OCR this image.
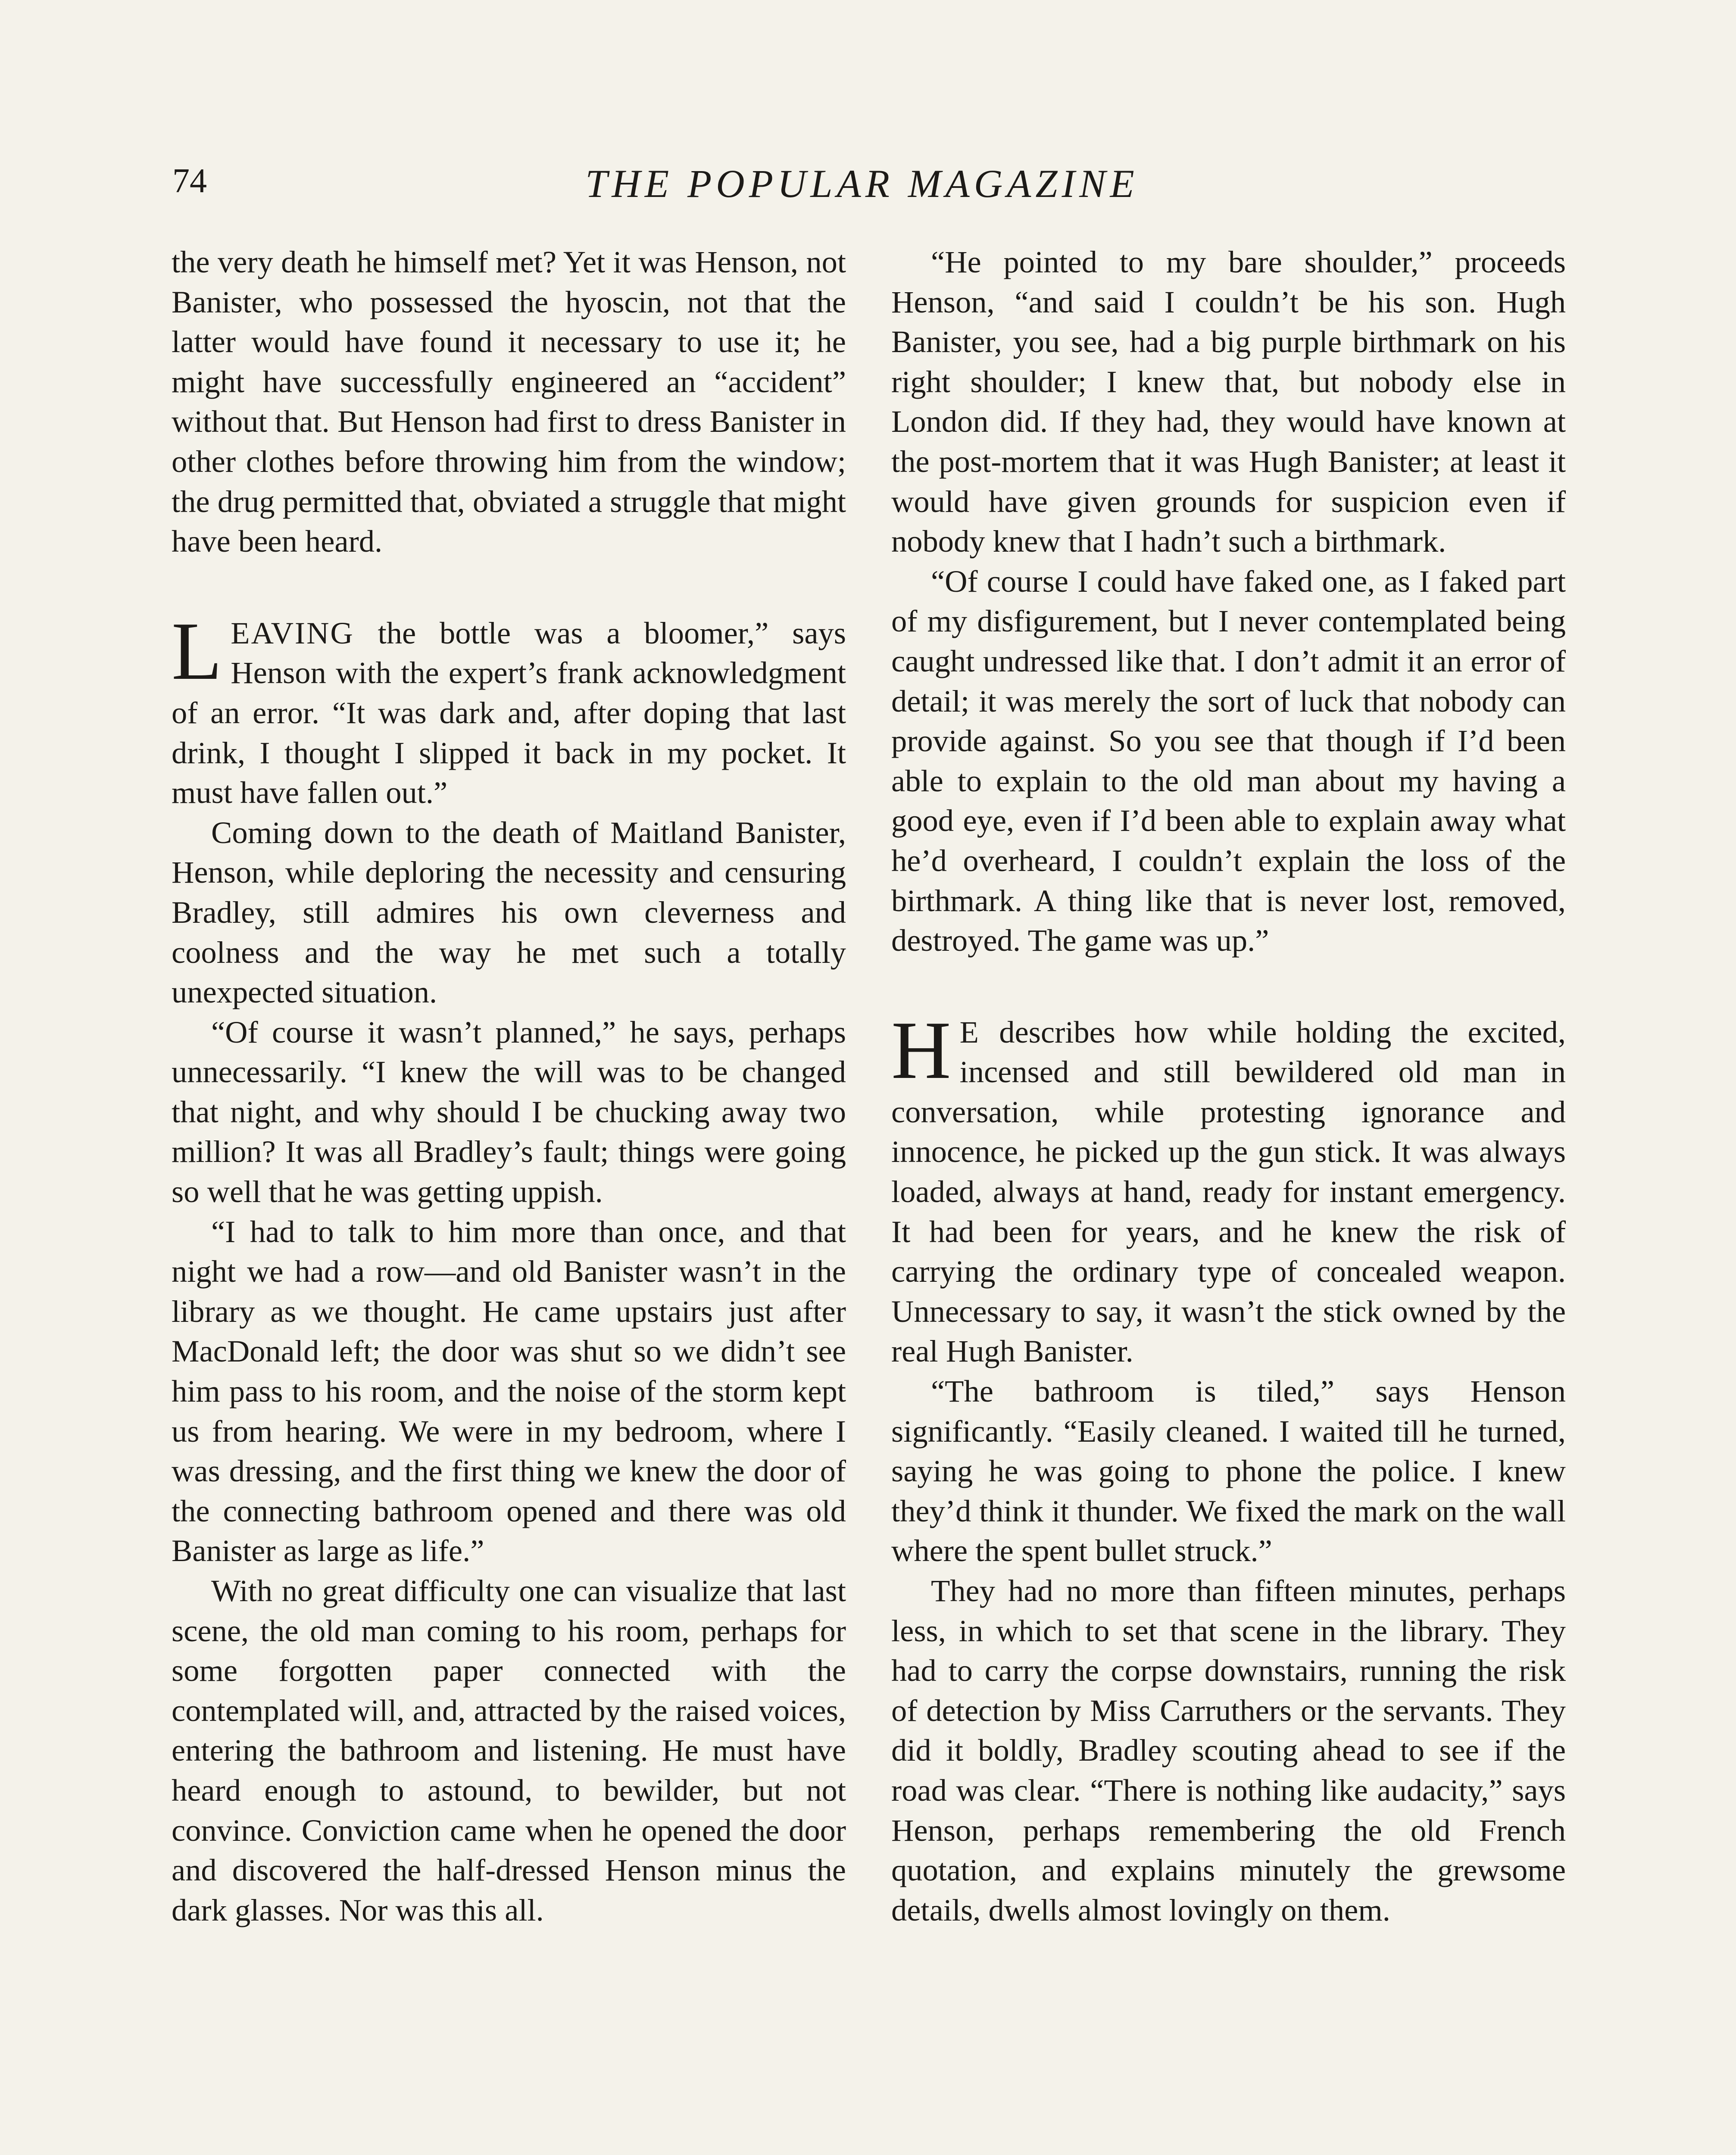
74	THE POPULAR MAGAZINE

the very death he himself met? Yet it was Henson, not Banister, who possessed the hyoscin, not that the latter would have found it necessary to use it; he might have successfully engineered an “accident” without that. But Henson had first to dress Banister in other clothes before throwing him from the window; the drug permitted that, obviated a struggle that might have been heard.

LEAVING the bottle was a bloomer,” says Henson with the expert’s frank acknowledgment of an error. “It was dark and, after doping that last drink, I thought I slipped it back in my pocket. It must have fallen out.”

Coming down to the death of Maitland Banister, Henson, while deploring the necessity and censuring Bradley, still admires his own cleverness and coolness and the way he met such a totally unexpected situation.

“Of course it wasn’t planned,” he says, perhaps unnecessarily. “I knew the will was to be changed that night, and why should I be chucking away two million? It was all Bradley’s fault; things were going so well that he was getting uppish.

“I had to talk to him more than once, and that night we had a row—and old Banister wasn’t in the library as we thought. He came upstairs just after MacDonald left; the door was shut so we didn’t see him pass to his room, and the noise of the storm kept us from hearing. We were in my bedroom, where I was dressing, and the first thing we knew the door of the connecting bathroom opened and there was old Banister as large as life.”

With no great difficulty one can visualize that last scene, the old man coming to his room, perhaps for some forgotten paper connected with the contemplated will, and, attracted by the raised voices, entering the bathroom and listening. He must have heard enough to astound, to bewilder, but not convince. Conviction came when he opened the door and discovered the half-dressed Henson minus the dark glasses. Nor was this all.

“He pointed to my bare shoulder,” proceeds Henson, “and said I couldn’t be his son. Hugh Banister, you see, had a big purple birthmark on his right shoulder; I knew that, but nobody else in London did. If they had, they would have known at the post-mortem that it was Hugh Banister; at least it would have given grounds for suspicion even if nobody knew that I hadn’t such a birthmark.

“Of course I could have faked one, as I faked part of my disfigurement, but I never contemplated being caught undressed like that. I don’t admit it an error of detail; it was merely the sort of luck that nobody can provide against. So you see that though if I’d been able to explain to the old man about my having a good eye, even if I’d been able to explain away what he’d overheard, I couldn’t explain the loss of the birthmark. A thing like that is never lost, removed, destroyed. The game was up.”

H E describes how while holding the excited, incensed and still bewildered old man in conversation, while protesting ignorance and innocence, he picked up the gun stick. It was always loaded, always at hand, ready for instant emergency. It had been for years, and he knew the risk of carrying the ordinary type of concealed weapon. Unnecessary to say, it wasn’t the stick owned by the real Hugh Banister.

“The bathroom is tiled,” says Henson significantly. “Easily cleaned. I waited till he turned, saying he was going to phone the police. I knew they’d think it thunder. We fixed the mark on the wall where the spent bullet struck.”

They had no more than fifteen minutes, perhaps less, in which to set that scene in the library. They had to carry the corpse downstairs, running the risk of detection by Miss Carruthers or the servants. They did it boldly, Bradley scouting ahead to see if the road was clear. “There is nothing like audacity,” says Henson, perhaps remembering the old French quotation, and explains minutely the grewsome details, dwells almost lovingly on them.
